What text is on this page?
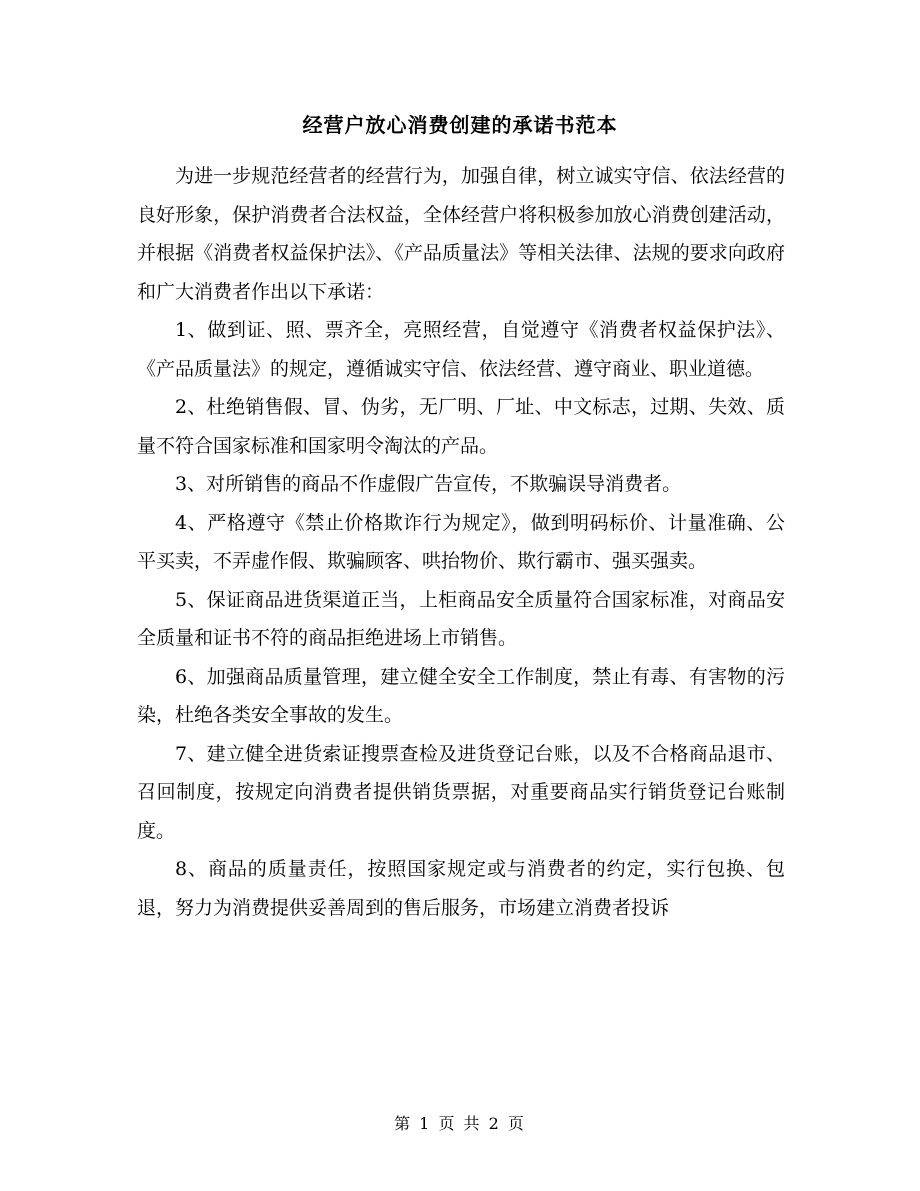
经营户放心消费创建的承诺书范本

为进一步规范经营者的经营行为，加强自律，树立诚实守信、依法经营的良好形象，保护消费者合法权益，全体经营户将积极参加放心消费创建活动，并根据《消费者权益保护法》、《产品质量法》等相关法律、法规的要求向政府和广大消费者作出以下承诺：

1、做到证、照、票齐全，亮照经营，自觉遵守《消费者权益保护法》、《产品质量法》的规定，遵循诚实守信、依法经营、遵守商业、职业道德。

2、杜绝销售假、冒、伪劣，无厂明、厂址、中文标志，过期、失效、质量不符合国家标准和国家明令淘汰的产品。

3、对所销售的商品不作虚假广告宣传，不欺骗误导消费者。

4、严格遵守《禁止价格欺诈行为规定》，做到明码标价、计量准确、公平买卖，不弄虚作假、欺骗顾客、哄抬物价、欺行霸市、强买强卖。

5、保证商品进货渠道正当，上柜商品安全质量符合国家标准，对商品安全质量和证书不符的商品拒绝进场上市销售。

6、加强商品质量管理，建立健全安全工作制度，禁止有毒、有害物的污染，杜绝各类安全事故的发生。

7、建立健全进货索证搜票查检及进货登记台账，以及不合格商品退市、召回制度，按规定向消费者提供销货票据，对重要商品实行销货登记台账制度。

8、商品的质量责任，按照国家规定或与消费者的约定，实行包换、包退，努力为消费提供妥善周到的售后服务，市场建立消费者投诉

第 1 页 共 2 页
